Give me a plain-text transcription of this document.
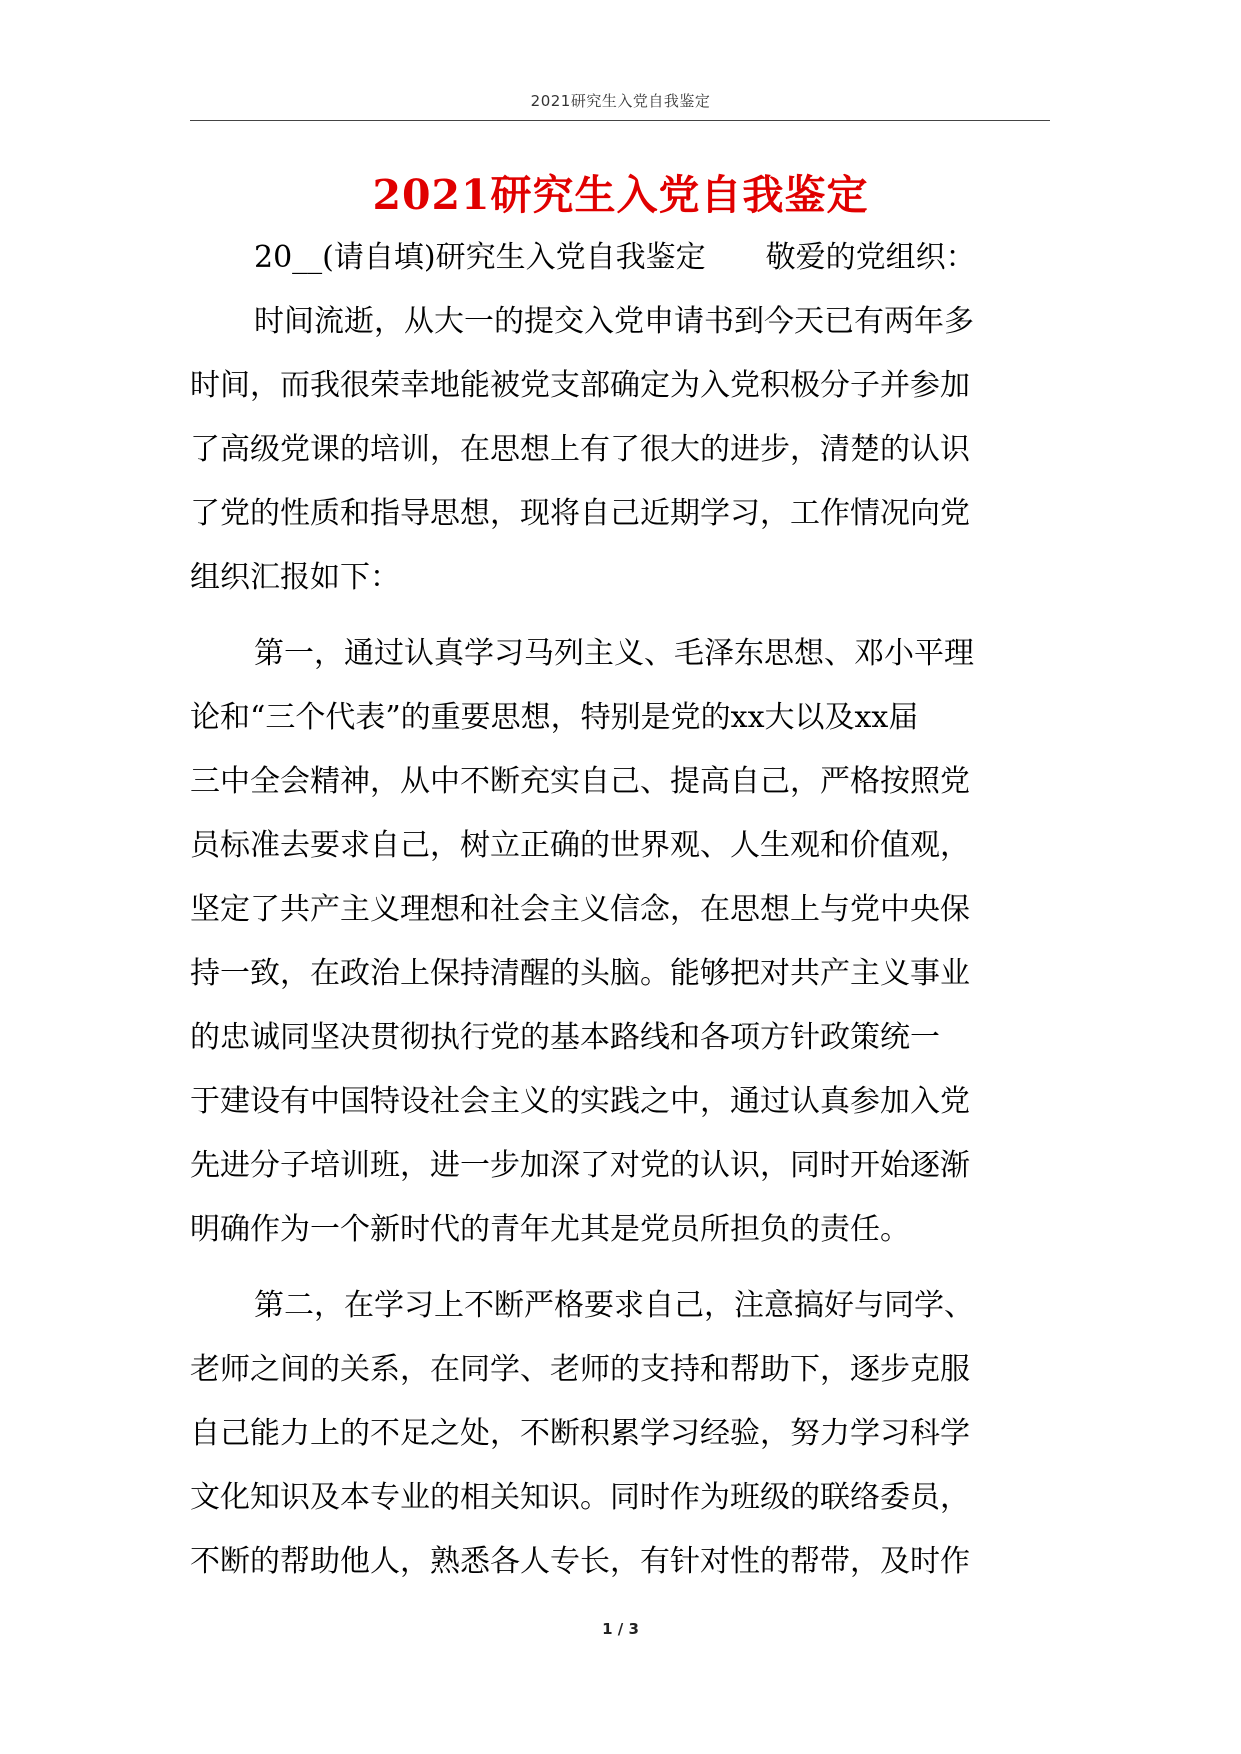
2021研究生入党自我鉴定
2021研究生入党自我鉴定
20__(请自填)研究生入党自我鉴定　　敬爱的党组织：
时间流逝，从大一的提交入党申请书到今天已有两年多
时间，而我很荣幸地能被党支部确定为入党积极分子并参加
了高级党课的培训，在思想上有了很大的进步，清楚的认识
了党的性质和指导思想，现将自己近期学习，工作情况向党
组织汇报如下：
第一，通过认真学习马列主义、毛泽东思想、邓小平理
论和“三个代表”的重要思想，特别是党的xx大以及xx届
三中全会精神，从中不断充实自己、提高自己，严格按照党
员标准去要求自己，树立正确的世界观、人生观和价值观，
坚定了共产主义理想和社会主义信念，在思想上与党中央保
持一致，在政治上保持清醒的头脑。能够把对共产主义事业
的忠诚同坚决贯彻执行党的基本路线和各项方针政策统一
于建设有中国特设社会主义的实践之中，通过认真参加入党
先进分子培训班，进一步加深了对党的认识，同时开始逐渐
明确作为一个新时代的青年尤其是党员所担负的责任。
第二，在学习上不断严格要求自己，注意搞好与同学、
老师之间的关系，在同学、老师的支持和帮助下，逐步克服
自己能力上的不足之处，不断积累学习经验，努力学习科学
文化知识及本专业的相关知识。同时作为班级的联络委员，
不断的帮助他人，熟悉各人专长，有针对性的帮带，及时作
1 / 3
